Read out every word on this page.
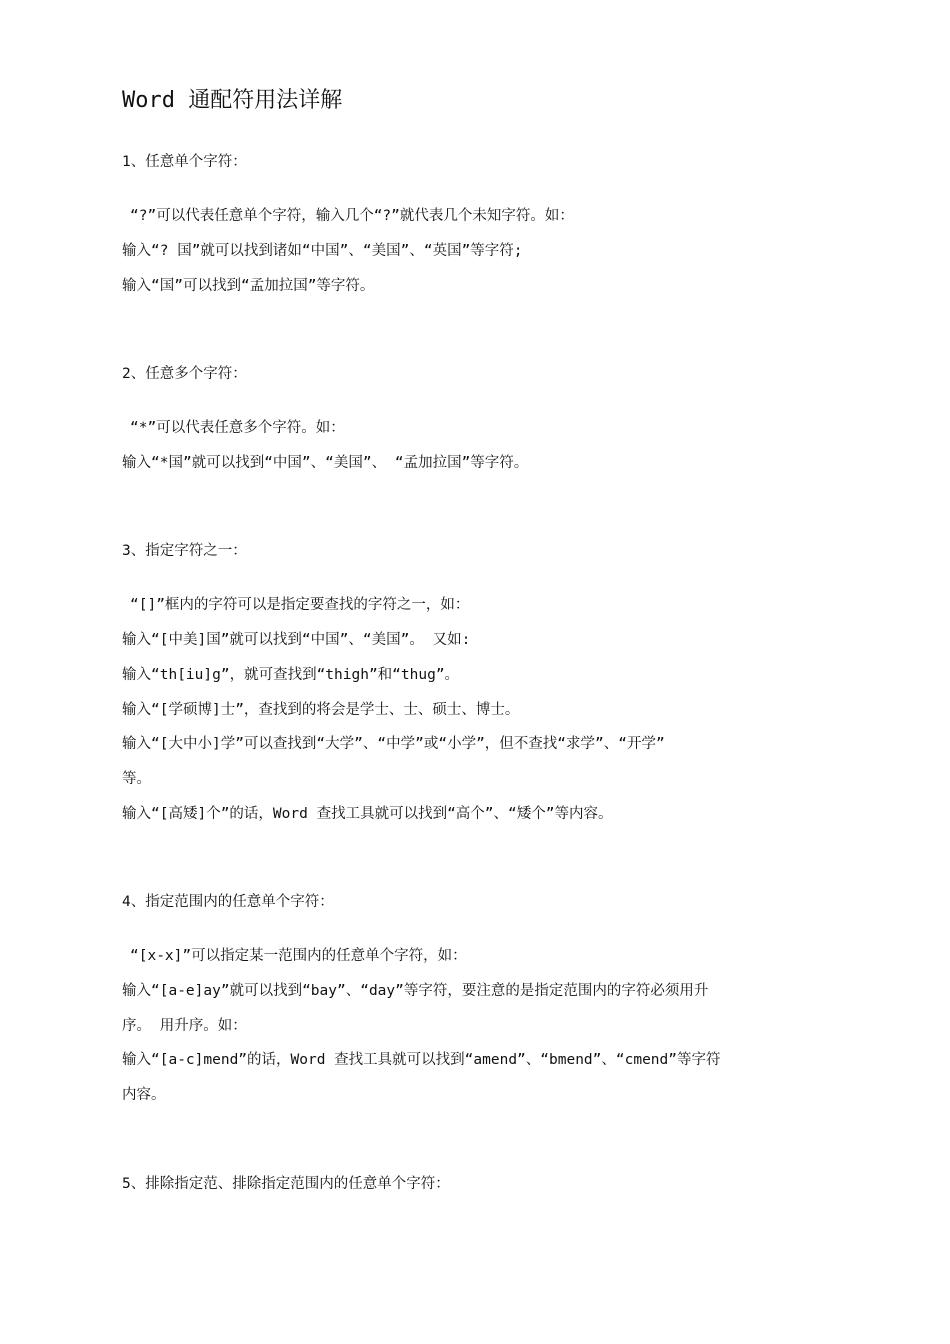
Word 通配符用法详解
1、任意单个字符：
“?”可以代表任意单个字符，输入几个“?”就代表几个未知字符。如：
输入“? 国”就可以找到诸如“中国”、“美国”、“英国”等字符;
输入“国”可以找到“孟加拉国”等字符。
2、任意多个字符：
“*”可以代表任意多个字符。如：
输入“*国”就可以找到“中国”、“美国”、 “孟加拉国”等字符。
3、指定字符之一：
“[]”框内的字符可以是指定要查找的字符之一，如：
输入“[中美]国”就可以找到“中国”、“美国”。 又如:
输入“th[iu]g”，就可查找到“thigh”和“thug”。
输入“[学硕博]士”，查找到的将会是学士、士、硕士、博士。
输入“[大中小]学”可以查找到“大学”、“中学”或“小学”，但不查找“求学”、“开学”
等。
输入“[高矮]个”的话，Word 查找工具就可以找到“高个”、“矮个”等内容。
4、指定范围内的任意单个字符：
“[x-x]”可以指定某一范围内的任意单个字符，如：
输入“[a-e]ay”就可以找到“bay”、“day”等字符，要注意的是指定范围内的字符必须用升
序。 用升序。如：
输入“[a-c]mend”的话，Word 查找工具就可以找到“amend”、“bmend”、“cmend”等字符
内容。
5、排除指定范、排除指定范围内的任意单个字符：
